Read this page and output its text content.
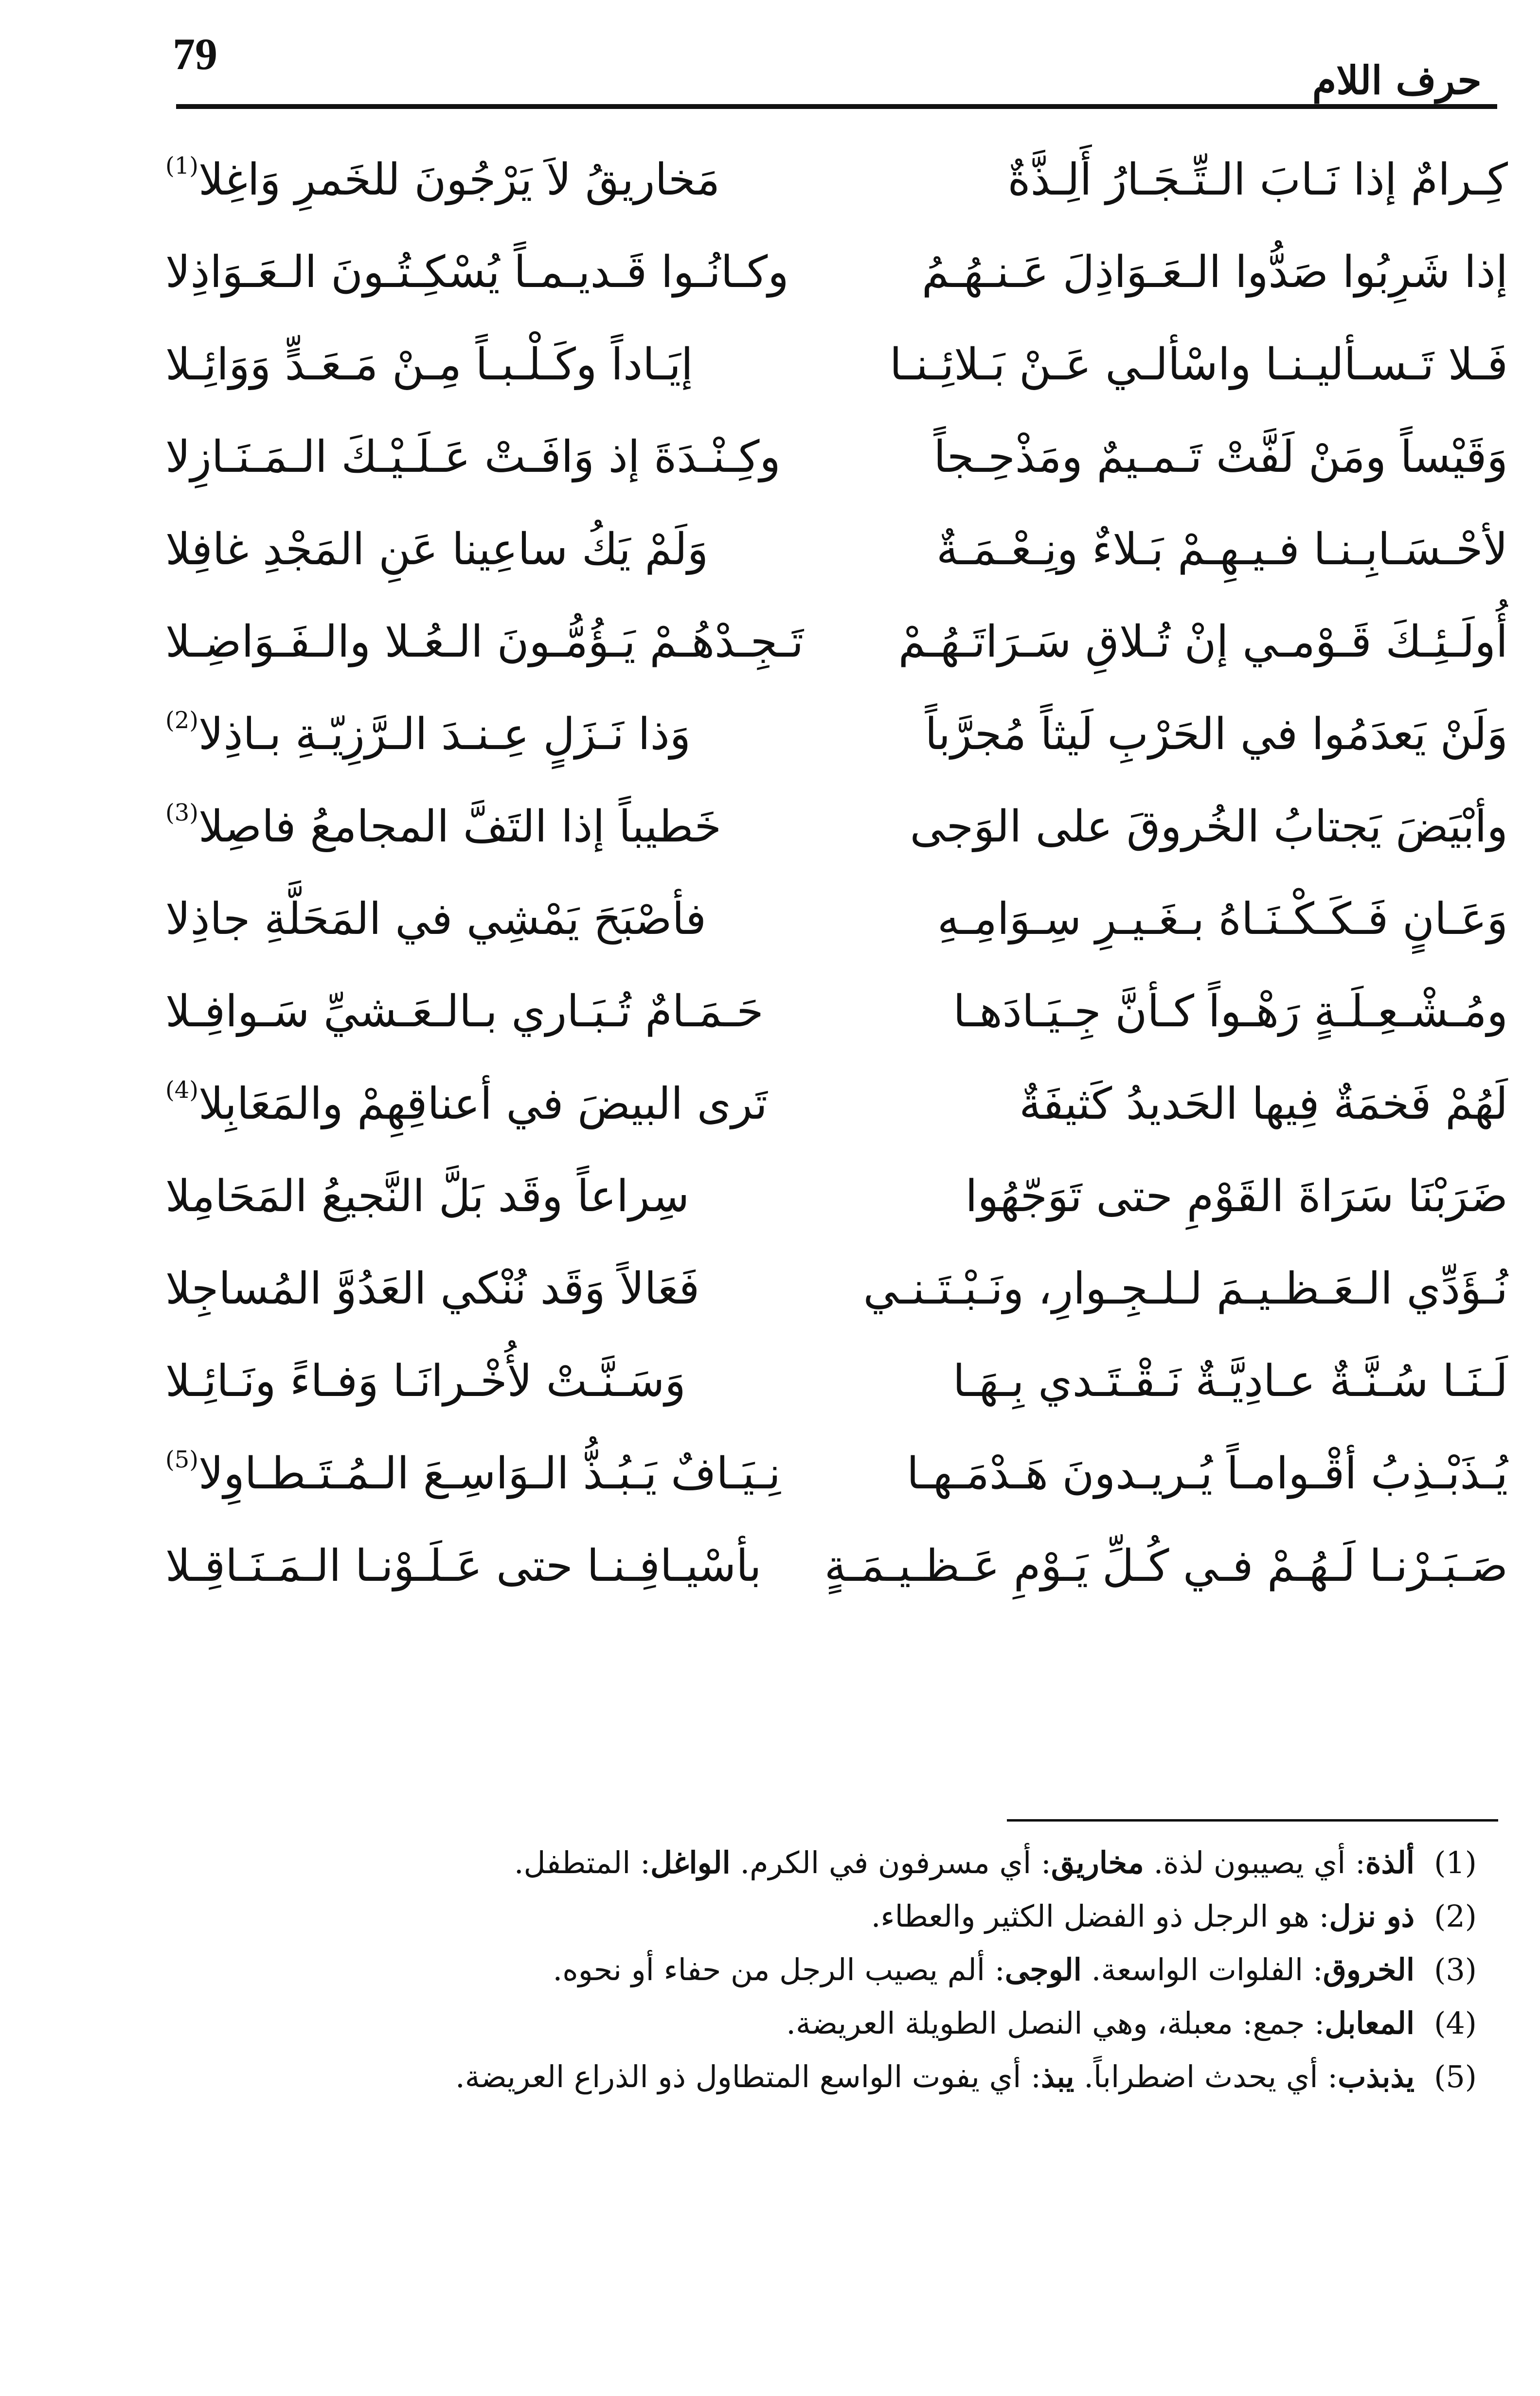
79
حرف اللام
كِـرامٌ إذا نَـابَ الـتِّـجَـارُ أَلِـذَّةٌ
مَخاريقُ لاَ يَرْجُونَ للخَمرِ وَاغِلا$^{(1)}$
إذا شَرِبُوا صَدُّوا الـعَـوَاذِلَ عَـنـهُـمُ
وكـانُـوا قَـديـمـاً يُسْكِـتُـونَ الـعَـوَاذِلا
فَـلا تَـسـأليـنـا واسْألـي عَـنْ بَـلائِـنـا
إيَـاداً وكَـلْـبـاً مِـنْ مَـعَـدٍّ وَوَائِـلا
وَقَيْساً ومَنْ لَفَّتْ تَـمـيمٌ ومَذْحِـجاً
وكِـنْـدَةَ إذ وَافَـتْ عَـلَـيْـكَ الـمَـنَـازِلا
لأحْـسَـابِـنـا فـيـهِـمْ بَـلاءٌ ونِـعْـمَـةٌ
وَلَمْ يَكُ ساعِينا عَنِ المَجْدِ غافِلا
أُولَـئِـكَ قَـوْمـي إنْ تُـلاقِ سَـرَاتَـهُـمْ
تَـجِـدْهُـمْ يَـؤُمُّـونَ الـعُـلا والـفَـوَاضِـلا
وَلَنْ يَعدَمُوا في الحَرْبِ لَيثاً مُجرَّباً
وَذا نَـزَلٍ عِـنـدَ الـرَّزِيّـةِ بـاذِلا$^{(2)}$
وأبْيَضَ يَجتابُ الخُروقَ على الوَجى
خَطيباً إذا التَفَّ المجامعُ فاصِلا$^{(3)}$
وَعَـانٍ فَـكَـكْـنَـاهُ بـغَـيـرِ سِـوَامِـهِ
فأصْبَحَ يَمْشِي في المَحَلَّةِ جاذِلا
ومُـشْـعِـلَـةٍ رَهْـواً كـأنَّ جِـيَـادَهـا
حَـمَـامٌ تُـبَـاري بـالـعَـشيِّ سَـوافِـلا
لَهُمْ فَخمَةٌ فِيها الحَديدُ كَثيفَةٌ
تَرى البيضَ في أعناقِهِمْ والمَعَابِلا$^{(4)}$
ضَرَبْنَا سَرَاةَ القَوْمِ حتى تَوَجّهُوا
سِراعاً وقَد بَلَّ النَّجيعُ المَحَامِلا
نُـؤَدِّي الـعَـظـيـمَ لـلـجِـوارِ، ونَـبْـتَـنـي
فَعَالاً وَقَد نُنْكي العَدُوَّ المُساجِلا
لَـنَـا سُـنَّـةٌ عـادِيَّـةٌ نَـقْـتَـدي بِـهَـا
وَسَـنَّـتْ لأُخْـرانَـا وَفـاءً ونَـائِـلا
يُـذَبْـذِبُ أقْـوامـاً يُـريـدونَ هَـدْمَـهـا
نِـيَـافٌ يَـبُـذُّ الـوَاسِـعَ الـمُـتَـطـاوِلا$^{(5)}$
صَـبَـرْنـا لَـهُـمْ فـي كُـلِّ يَـوْمِ عَـظـيـمَـةٍ
بأسْيـافِـنـا حتى عَـلَـوْنـا الـمَـنَـاقِـلا
(1)
ألذة: أي يصيبون لذة. مخاريق: أي مسرفون في الكرم. الواغل: المتطفل.
(2)
ذو نزل: هو الرجل ذو الفضل الكثير والعطاء.
(3)
الخروق: الفلوات الواسعة. الوجى: ألم يصيب الرجل من حفاء أو نحوه.
(4)
المعابل: جمع: معبلة، وهي النصل الطويلة العريضة.
(5)
يذبذب: أي يحدث اضطراباً. يبذ: أي يفوت الواسع المتطاول ذو الذراع العريضة.
